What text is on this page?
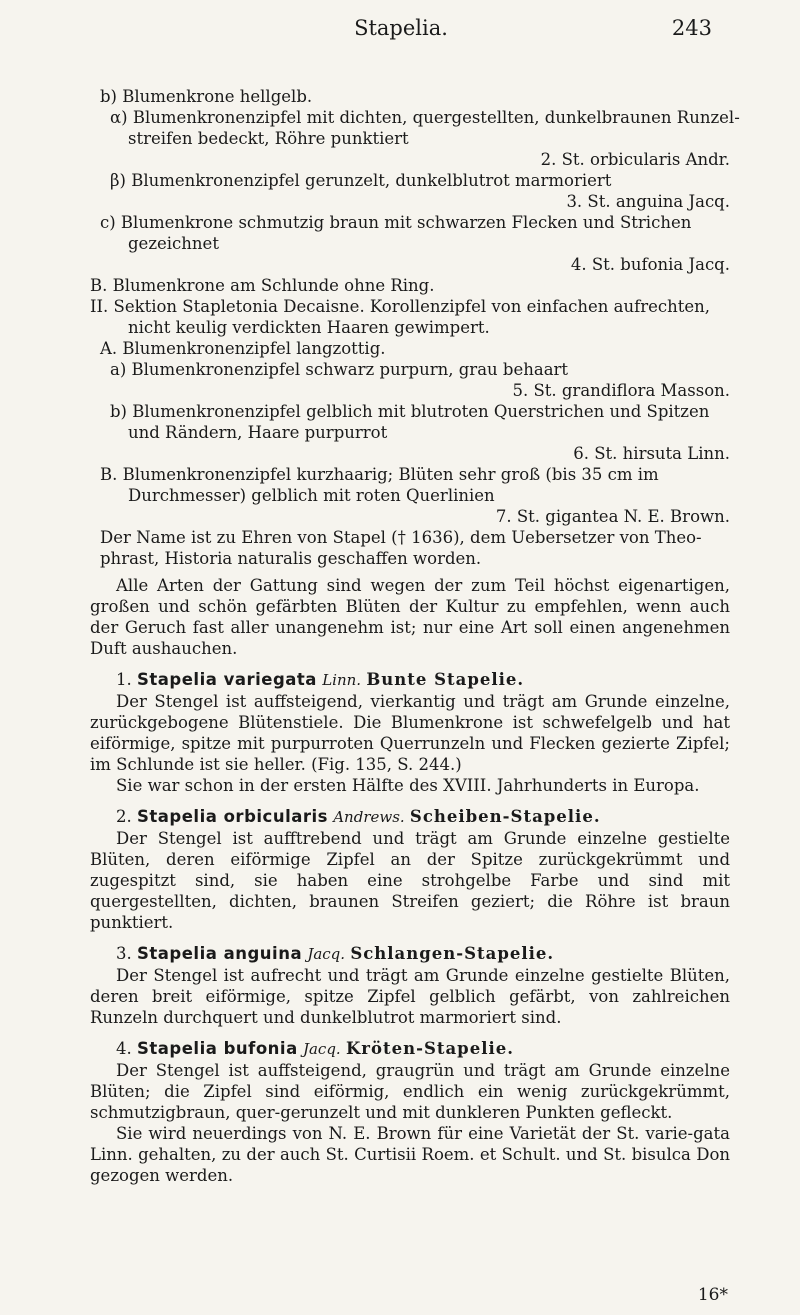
Stapelia.	243
b) Blumenkrone hellgelb.
α) Blumenkronenzipfel mit dichten, quergestellten, dunkelbraunen Runzel-
streifen bedeckt, Röhre punktiert
2. St. orbicularis Andr.
β) Blumenkronenzipfel gerunzelt, dunkelblutrot marmoriert
3. St. anguina Jacq.
c) Blumenkrone schmutzig braun mit schwarzen Flecken und Strichen
gezeichnet
4. St. bufonia Jacq.
B. Blumenkrone am Schlunde ohne Ring.
II. Sektion Stapletonia Decaisne. Korollenzipfel von einfachen aufrechten,
nicht keulig verdickten Haaren gewimpert.
A. Blumenkronenzipfel langzottig.
a) Blumenkronenzipfel schwarz purpurn, grau behaart
5. St. grandiflora Masson.
b) Blumenkronenzipfel gelblich mit blutroten Querstrichen und Spitzen
und Rändern, Haare purpurrot
6. St. hirsuta Linn.
B. Blumenkronenzipfel kurzhaarig; Blüten sehr groß (bis 35 cm im
Durchmesser) gelblich mit roten Querlinien
7. St. gigantea N. E. Brown.
Der Name ist zu Ehren von Stapel († 1636), dem Uebersetzer von Theo-
phrast, Historia naturalis geschaffen worden.
Alle Arten der Gattung sind wegen der zum Teil höchst eigenartigen, großen und schön gefärbten Blüten der Kultur zu empfehlen, wenn auch der Geruch fast aller unangenehm ist; nur eine Art soll einen angenehmen Duft aushauchen.
1. Stapelia variegata Linn. Bunte Stapelie.
Der Stengel ist auffsteigend, vierkantig und trägt am Grunde einzelne, zurückgebogene Blütenstiele. Die Blumenkrone ist schwefelgelb und hat eiförmige, spitze mit purpurroten Querrunzeln und Flecken gezierte Zipfel; im Schlunde ist sie heller. (Fig. 135, S. 244.)
Sie war schon in der ersten Hälfte des XVIII. Jahrhunderts in Europa.
2. Stapelia orbicularis Andrews. Scheiben-Stapelie.
Der Stengel ist aufftrebend und trägt am Grunde einzelne gestielte Blüten, deren eiförmige Zipfel an der Spitze zurückgekrümmt und zugespitzt sind, sie haben eine strohgelbe Farbe und sind mit quergestellten, dichten, braunen Streifen geziert; die Röhre ist braun punktiert.
3. Stapelia anguina Jacq. Schlangen-Stapelie.
Der Stengel ist aufrecht und trägt am Grunde einzelne gestielte Blüten, deren breit eiförmige, spitze Zipfel gelblich gefärbt, von zahlreichen Runzeln durchquert und dunkelblutrot marmoriert sind.
4. Stapelia bufonia Jacq. Kröten-Stapelie.
Der Stengel ist auffsteigend, graugrün und trägt am Grunde einzelne Blüten; die Zipfel sind eiförmig, endlich ein wenig zurückgekrümmt, schmutzigbraun, quer-gerunzelt und mit dunkleren Punkten gefleckt.
Sie wird neuerdings von N. E. Brown für eine Varietät der St. varie-gata Linn. gehalten, zu der auch St. Curtisii Roem. et Schult. und St. bisulca Don gezogen werden.
16*
